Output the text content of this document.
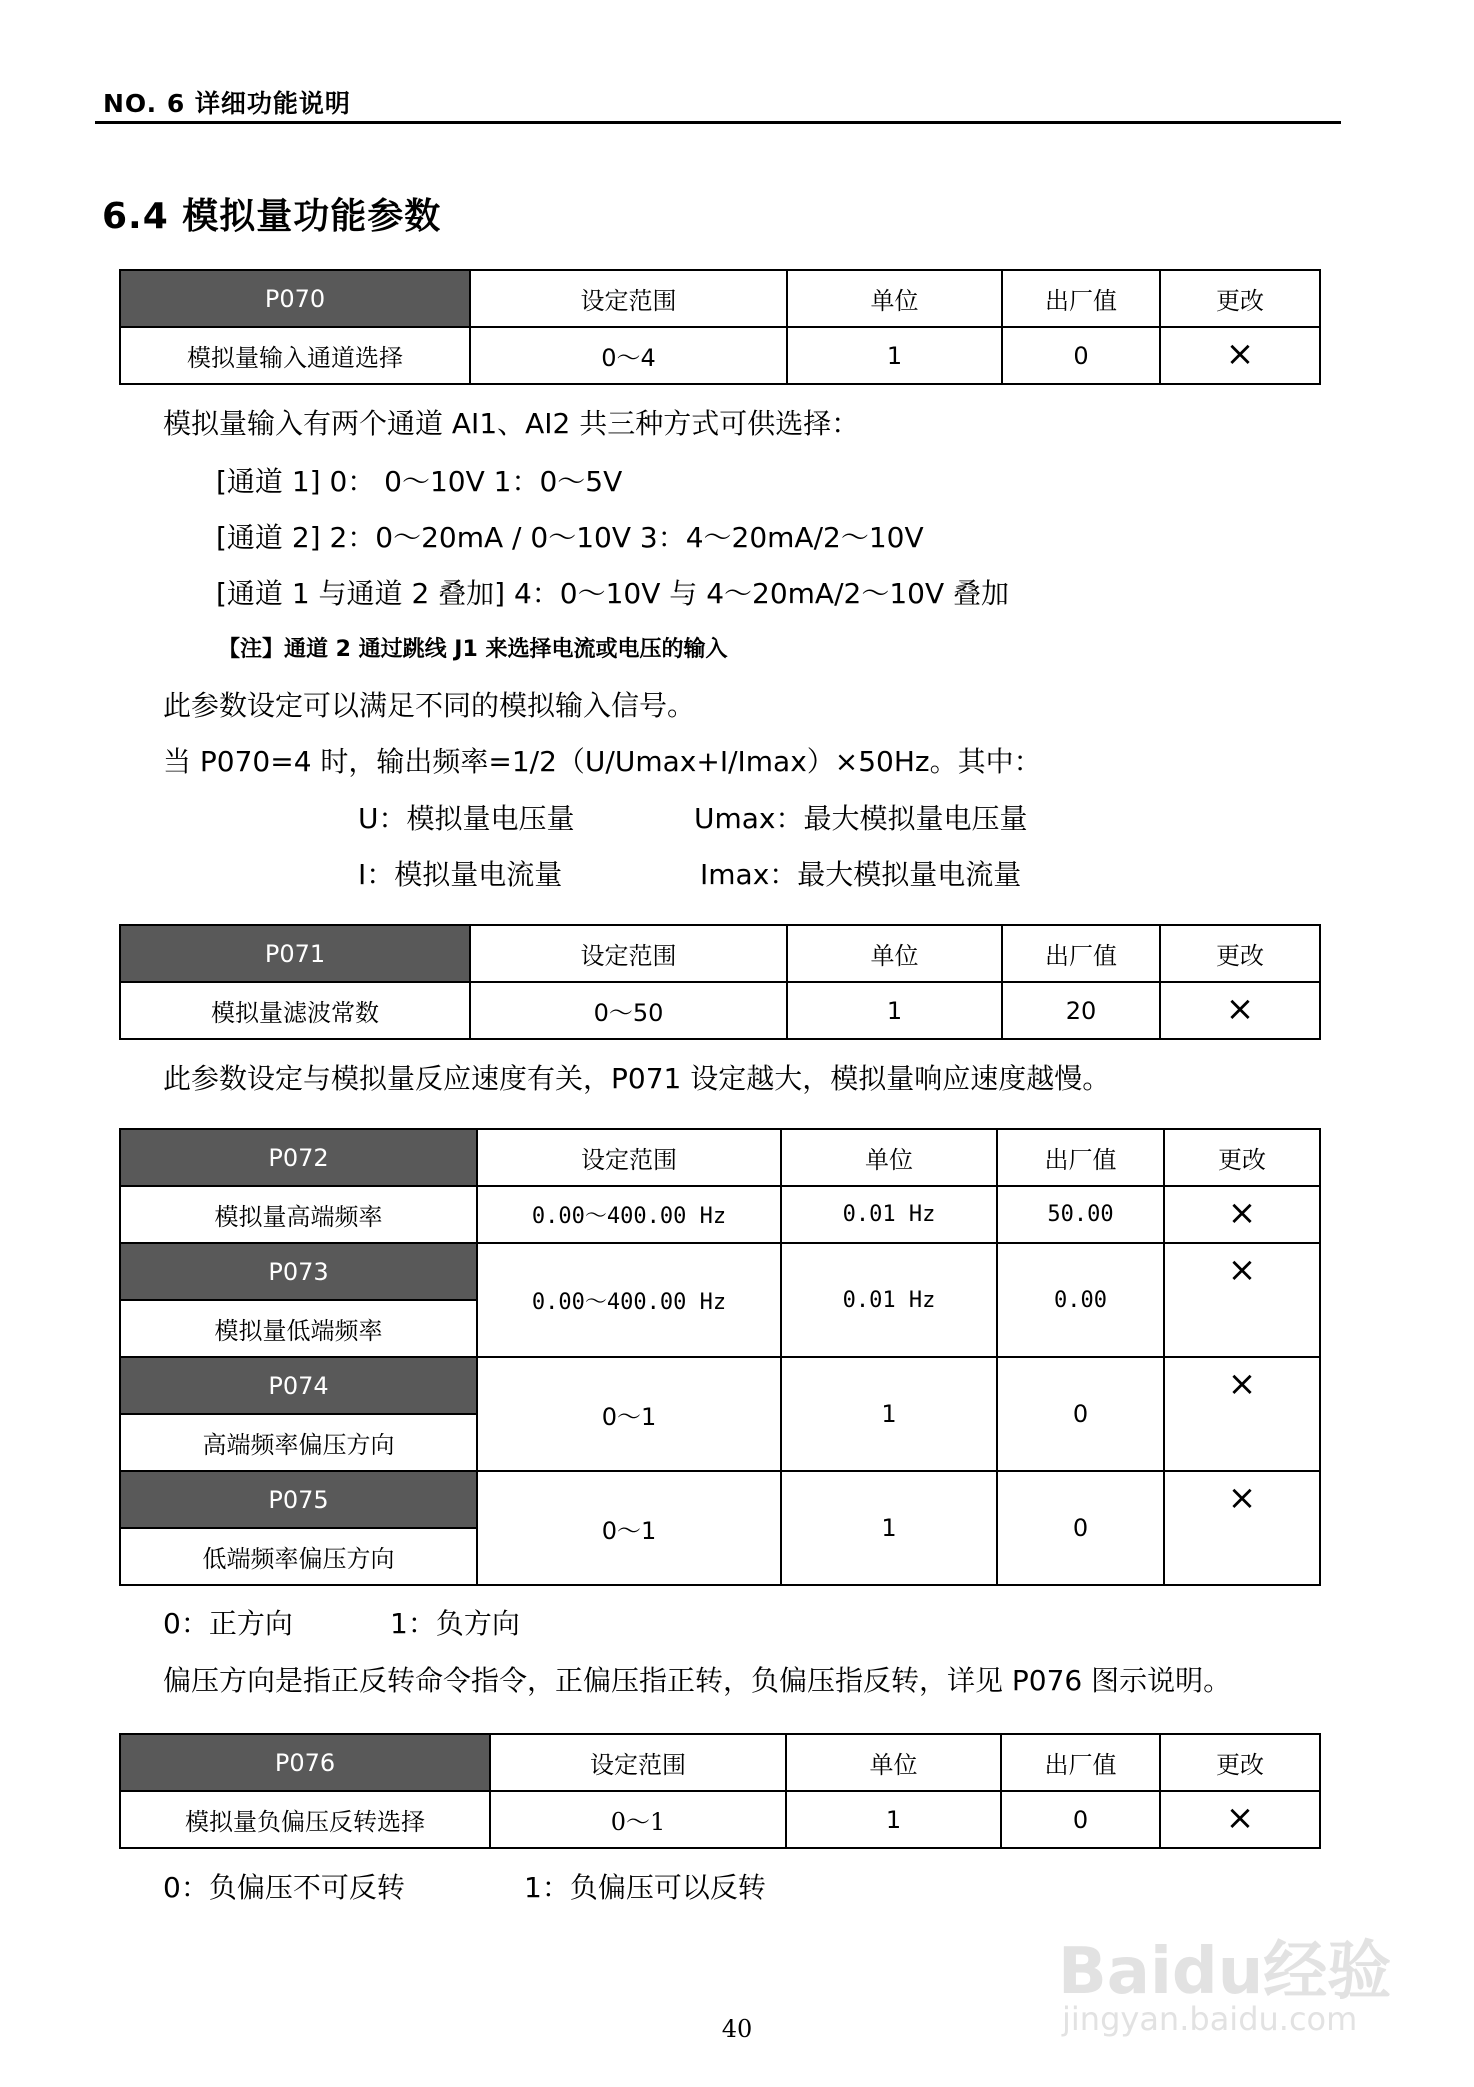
NO. 6 详细功能说明
6.4 模拟量功能参数
P070	设定范围	单位	出厂值	更改
模拟量输入通道选择	0～4	1	0	×
模拟量输入有两个通道 AI1、AI2 共三种方式可供选择：
[通道 1] 0： 0～10V 1：0～5V
[通道 2] 2：0～20mA / 0～10V 3：4～20mA/2～10V
[通道 1 与通道 2 叠加] 4：0～10V 与 4～20mA/2～10V 叠加
【注】通道 2 通过跳线 J1 来选择电流或电压的输入
此参数设定可以满足不同的模拟输入信号。
当 P070=4 时，输出频率=1/2（U/Umax+I/Imax）×50Hz。其中：
U：模拟量电压量	Umax：最大模拟量电压量
I：模拟量电流量	Imax：最大模拟量电流量
P071	设定范围	单位	出厂值	更改
模拟量滤波常数	0～50	1	20	×
此参数设定与模拟量反应速度有关，P071 设定越大，模拟量响应速度越慢。
P072	设定范围	单位	出厂值	更改
模拟量高端频率	0.00～400.00 Hz	0.01 Hz	50.00	×
P073	0.00～400.00 Hz	0.01 Hz	0.00	×
模拟量低端频率				
P074	0～1	1	0	×
高端频率偏压方向				
P075	0～1	1	0	×
低端频率偏压方向				
0：正方向	1：负方向
偏压方向是指正反转命令指令，正偏压指正转，负偏压指反转，详见 P076 图示说明。
P076	设定范围	单位	出厂值	更改
模拟量负偏压反转选择	0～1	1	0	×
0：负偏压不可反转	1：负偏压可以反转
Baidu经验
jingyan.baidu.com
40
